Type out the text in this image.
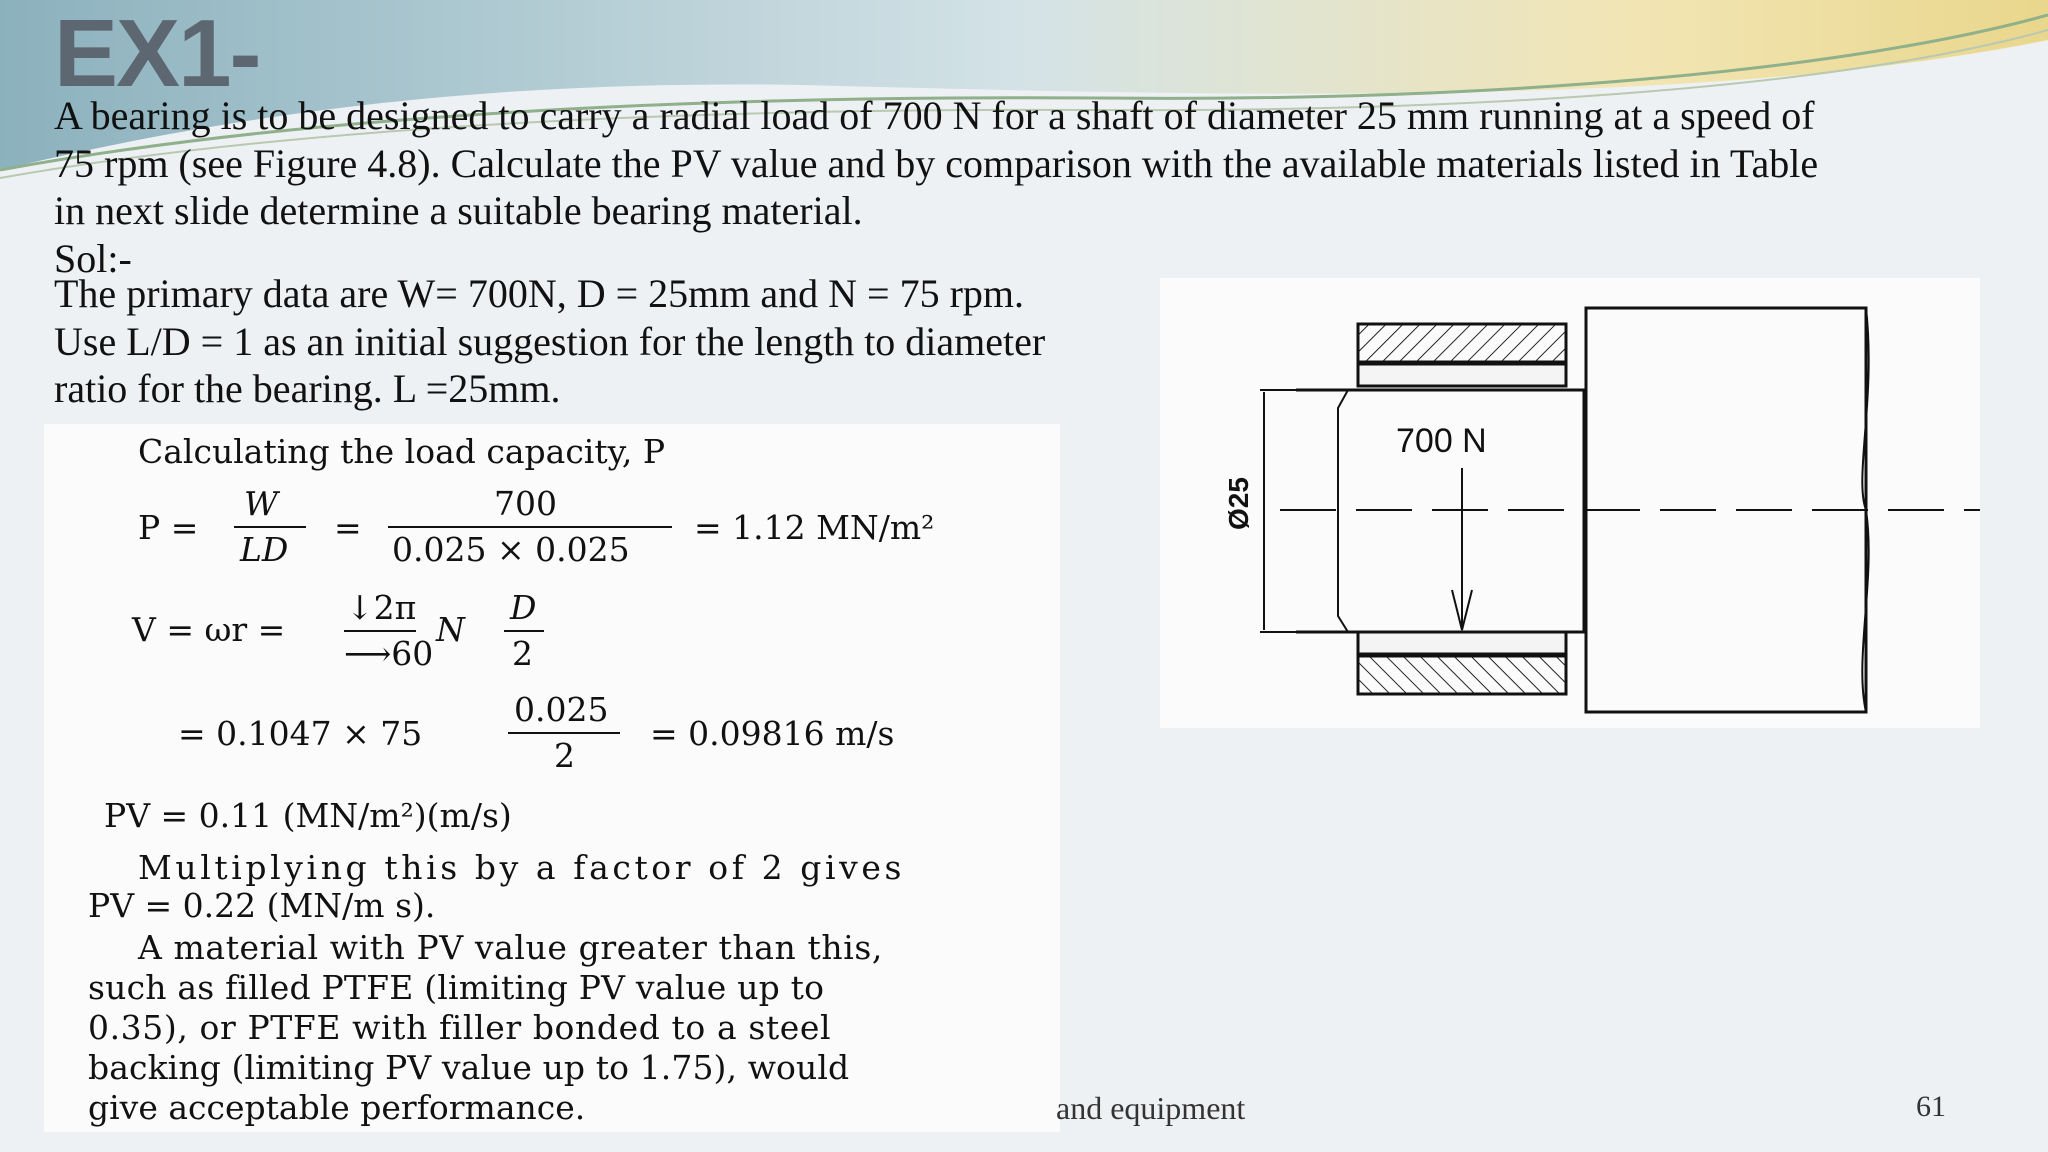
EX1-
A bearing is to be designed to carry a radial load of 700 N for a shaft of diameter 25 mm running at a speed of
75 rpm (see Figure 4.8). Calculate the PV value and by comparison with the available materials listed in Table
in next slide determine a suitable bearing material.
Sol:-
The primary data are W= 700N, D = 25mm and N = 75 rpm.
Use L/D = 1 as an initial suggestion for the length to diameter
ratio for the bearing. L =25mm.
Calculating the load capacity, P
P =
W
LD
=
700
0.025 × 0.025
= 1.12 MN/m²
V = ωr =
↓2π
⟶60
N
D
2
= 0.1047 × 75
0.025
2
= 0.09816 m/s
PV = 0.11 (MN/m²)(m/s)
Multiplying this by a factor of 2 gives
PV = 0.22 (MN/m s).
A material with PV value greater than this,
such as filled PTFE (limiting PV value up to
0.35), or PTFE with filler bonded to a steel
backing (limiting PV value up to 1.75), would
give acceptable performance.
Ø25
700 N
and equipment	61
